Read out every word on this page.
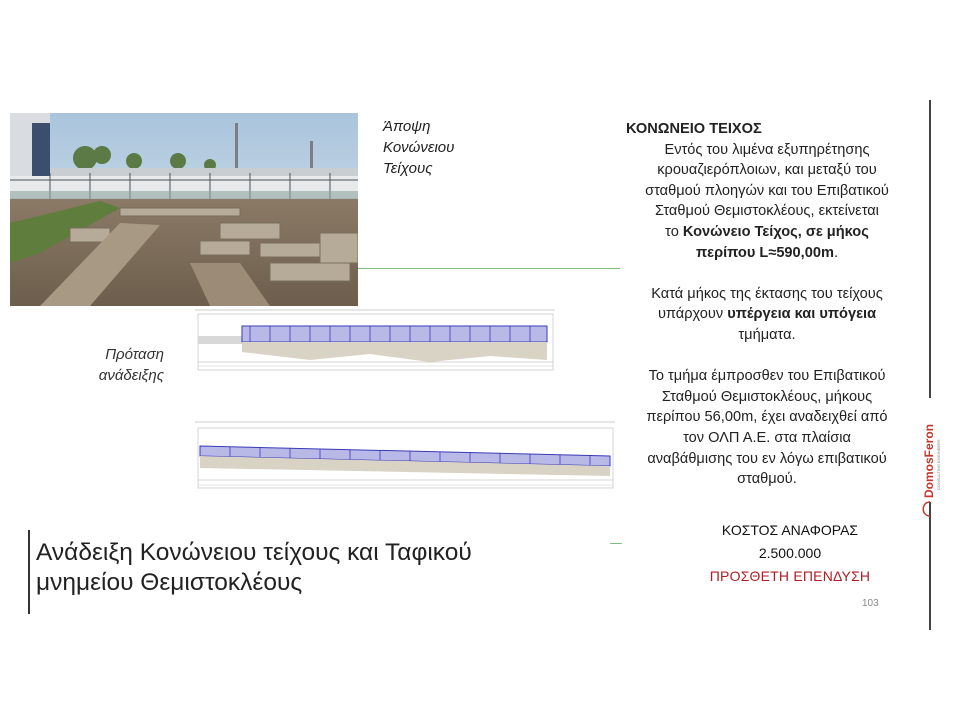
Άποψη
Κονώνειου
Τείχους
Πρόταση
ανάδειξης

ΚΟΝΩΝΕΙΟ ΤΕΙΧΟΣ

Εντός του λιμένα εξυπηρέτησης

κρουαζιερόπλοιων, και μεταξύ του

σταθμού πλοηγών και του Επιβατικού

Σταθμού Θεμιστοκλέους, εκτείνεται

το Κονώνειο Τείχος, σε μήκος

περίπου L≈590,00m.

Κατά μήκος της έκτασης του τείχους

υπάρχουν υπέργεια και υπόγεια

τμήματα.

Το τμήμα έμπροσθεν του Επιβατικού

Σταθμού Θεμιστοκλέους, μήκους

περίπου 56,00m, έχει αναδειχθεί από

τον ΟΛΠ Α.Ε. στα πλαίσια

αναβάθμισης του εν λόγω επιβατικού

σταθμού.

ΚΟΣΤΟΣ ΑΝΑΦΟΡΑΣ
2.500.000
ΠΡΟΣΘΕΤΗ ΕΠΕΝΔΥΣΗ
103
Ανάδειξη Κονώνειου τείχους και Ταφικού
μνημείου Θεμιστοκλέους
DomosFeron CONSULTING ENGINEERS
